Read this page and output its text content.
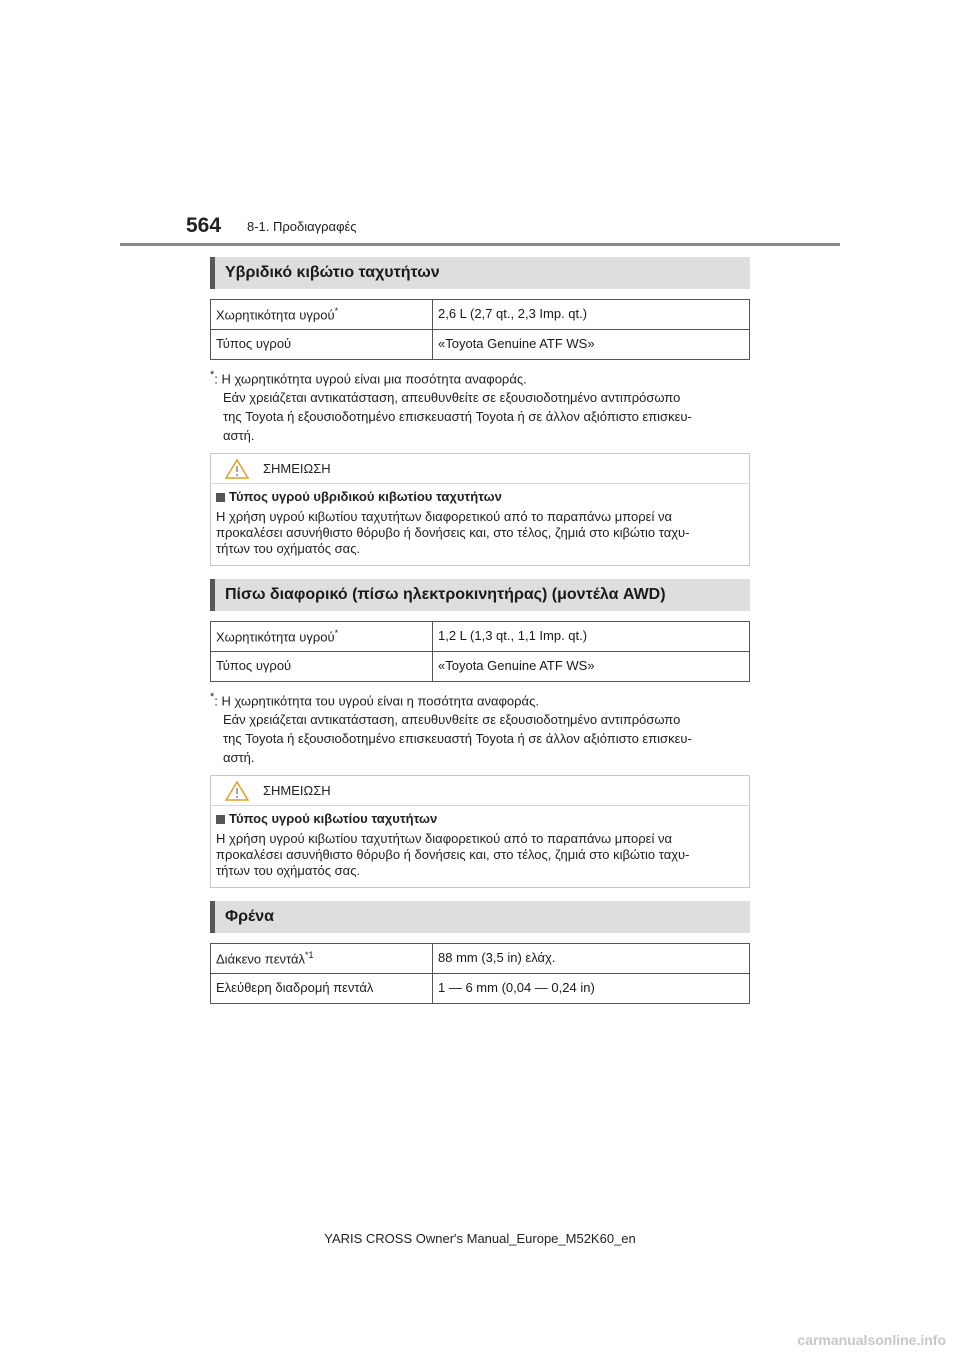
564 8-1. Προδιαγραφές
Υβριδικό κιβώτιο ταχυτήτων
Χωρητικότητα υγρού*	2,6 L (2,7 qt., 2,3 Imp. qt.)
Τύπος υγρού	«Toyota Genuine ATF WS»
*: Η χωρητικότητα υγρού είναι μια ποσότητα αναφοράς.
Εάν χρειάζεται αντικατάσταση, απευθυνθείτε σε εξουσιοδοτημένο αντιπρόσωπο
της Toyota ή εξουσιοδοτημένο επισκευαστή Toyota ή σε άλλον αξιόπιστο επισκευ-
αστή.
ΣΗΜΕΙΩΣΗ
Τύπος υγρού υβριδικού κιβωτίου ταχυτήτων
Η χρήση υγρού κιβωτίου ταχυτήτων διαφορετικού από το παραπάνω μπορεί να
προκαλέσει ασυνήθιστο θόρυβο ή δονήσεις και, στο τέλος, ζημιά στο κιβώτιο ταχυ-
τήτων του οχήματός σας.
Πίσω διαφορικό (πίσω ηλεκτροκινητήρας) (μοντέλα AWD)
Χωρητικότητα υγρού*	1,2 L (1,3 qt., 1,1 Imp. qt.)
Τύπος υγρού	«Toyota Genuine ATF WS»
*: Η χωρητικότητα του υγρού είναι η ποσότητα αναφοράς.
Εάν χρειάζεται αντικατάσταση, απευθυνθείτε σε εξουσιοδοτημένο αντιπρόσωπο
της Toyota ή εξουσιοδοτημένο επισκευαστή Toyota ή σε άλλον αξιόπιστο επισκευ-
αστή.
ΣΗΜΕΙΩΣΗ
Τύπος υγρού κιβωτίου ταχυτήτων
Η χρήση υγρού κιβωτίου ταχυτήτων διαφορετικού από το παραπάνω μπορεί να
προκαλέσει ασυνήθιστο θόρυβο ή δονήσεις και, στο τέλος, ζημιά στο κιβώτιο ταχυ-
τήτων του οχήματός σας.
Φρένα
Διάκενο πεντάλ$^{*1}$	88 mm (3,5 in) ελάχ.
Ελεύθερη διαδρομή πεντάλ	1 — 6 mm (0,04 — 0,24 in)
YARIS CROSS Owner's Manual_Europe_M52K60_en
carmanualsonline.info
